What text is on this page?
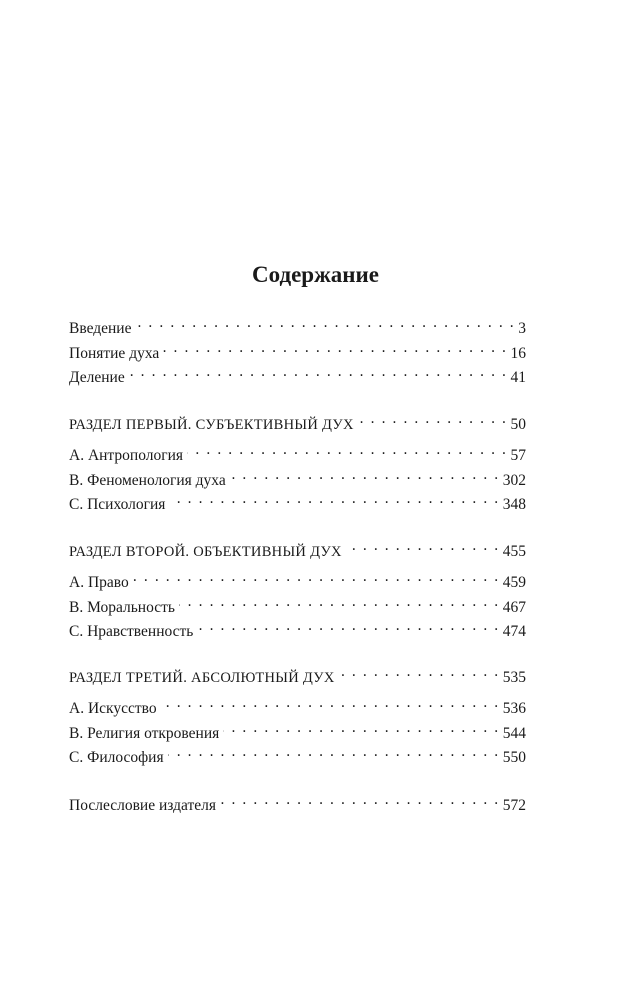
Содержание
Введение . . .	3
Понятие духа . . .	16
Деление . . .	41
РАЗДЕЛ ПЕРВЫЙ. СУБЪЕКТИВНЫЙ ДУХ . . .	50
А. Антропология . . .	57
В. Феноменология духа . . .	302
С. Психология . . .	348
РАЗДЕЛ ВТОРОЙ. ОБЪЕКТИВНЫЙ ДУХ . . .	455
А. Право . . .	459
В. Моральность . . .	467
С. Нравственность . . .	474
РАЗДЕЛ ТРЕТИЙ. АБСОЛЮТНЫЙ ДУХ . . .	535
А. Искусство . . .	536
В. Религия откровения . . .	544
С. Философия . . .	550
Послесловие издателя . . .	572
